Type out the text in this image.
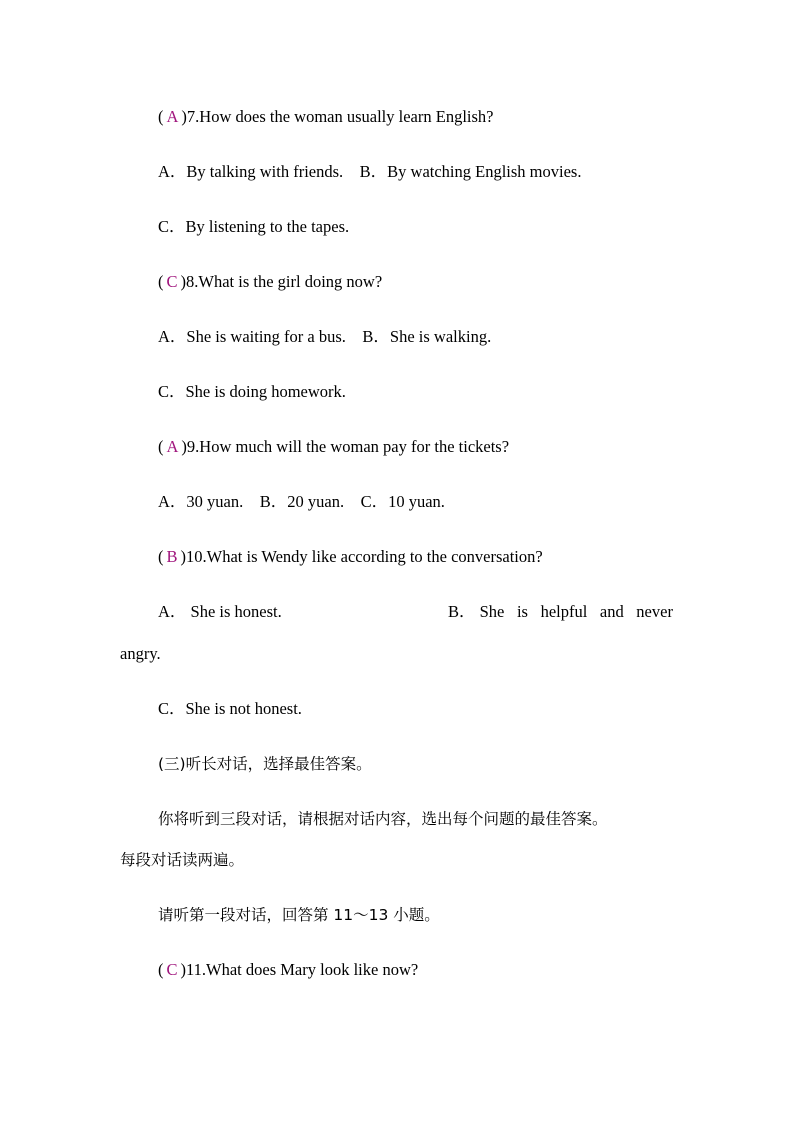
( A )7.How does the woman usually learn English?
A．By talking with friends.　B．By watching English movies.
C．By listening to the tapes.
( C )8.What is the girl doing now?
A．She is waiting for a bus.　B．She is walking.
C．She is doing homework.
( A )9.How much will the woman pay for the tickets?
A．30 yuan.　B．20 yuan.　C．10 yuan.
( B )10.What is Wendy like according to the conversation?
A． She is honest.	B． She is helpful and never
angry.
C．She is not honest.
(三)听长对话，选择最佳答案。
你将听到三段对话，请根据对话内容，选出每个问题的最佳答案。
每段对话读两遍。
请听第一段对话，回答第 11～13 小题。
( C )11.What does Mary look like now?
